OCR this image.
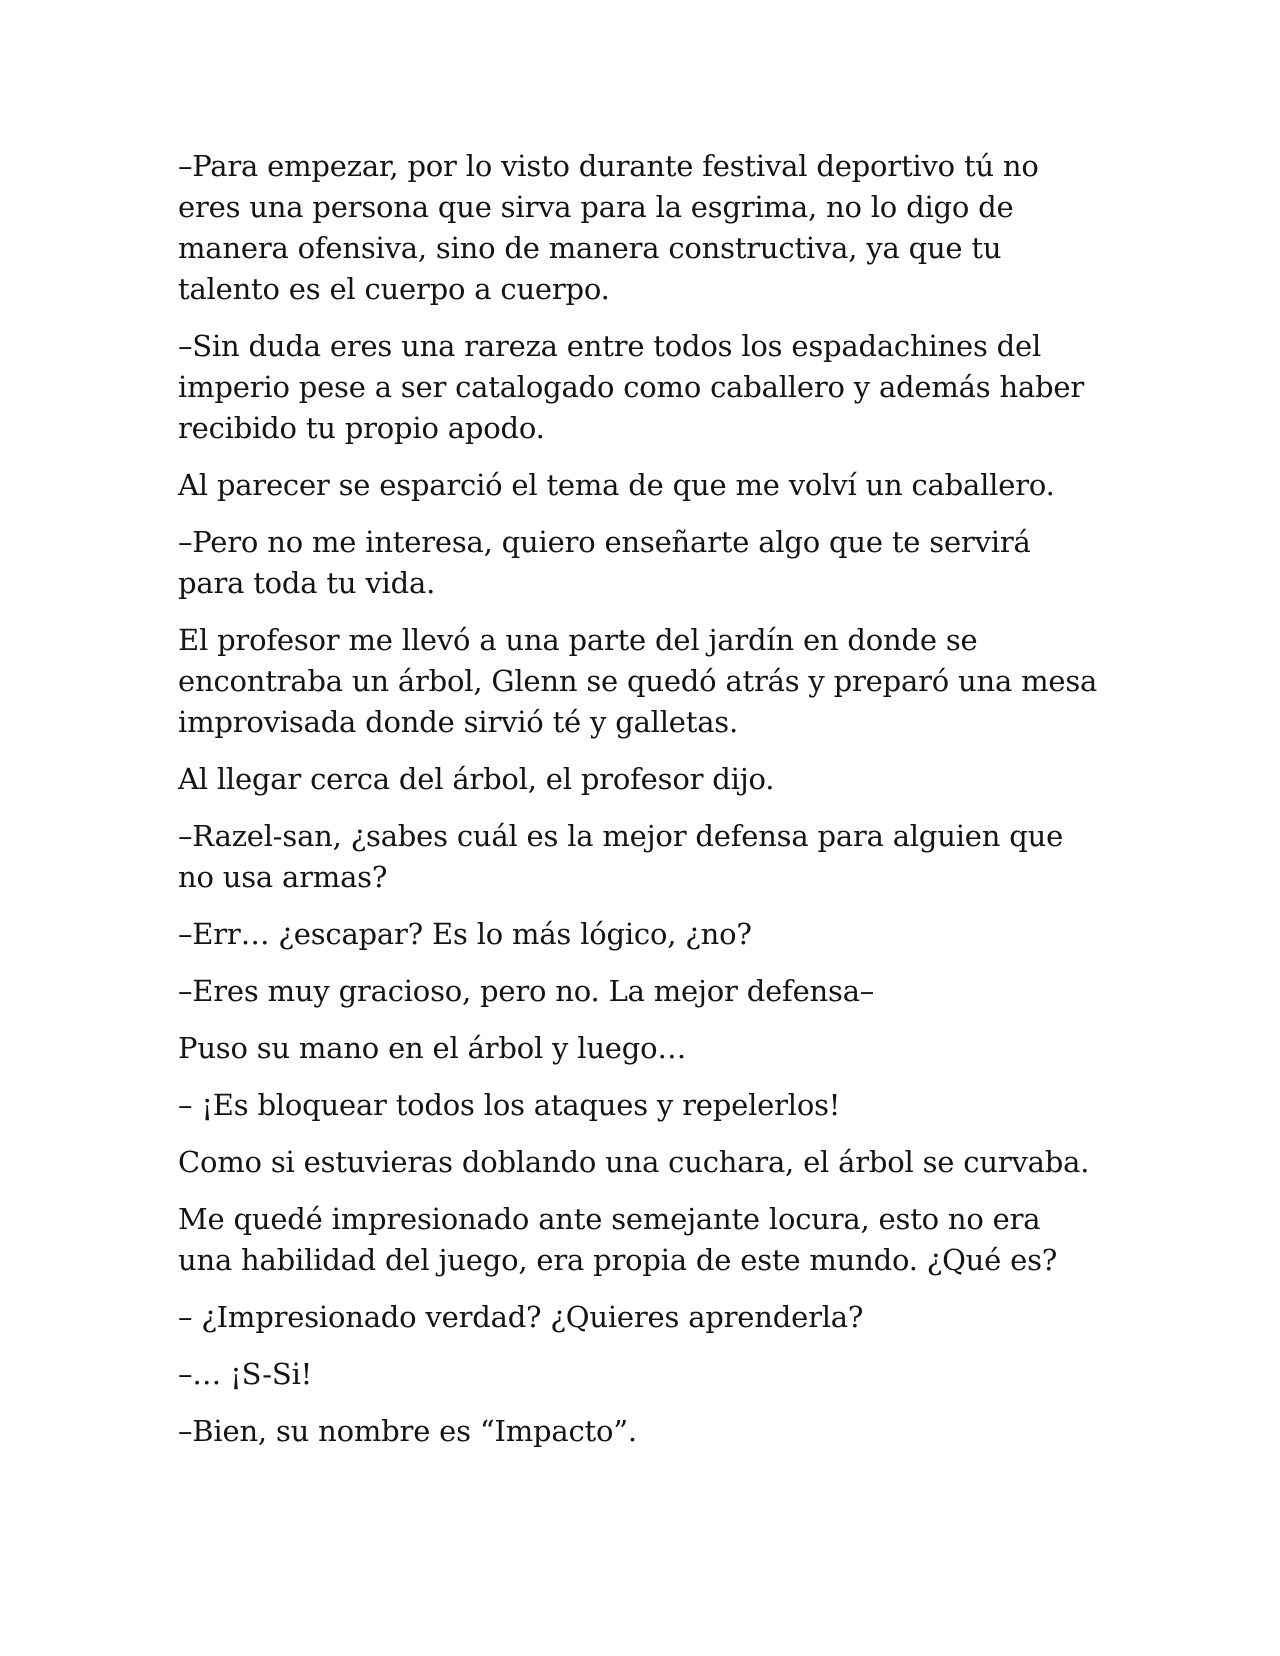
–Para empezar, por lo visto durante festival deportivo tú no
eres una persona que sirva para la esgrima, no lo digo de
manera ofensiva, sino de manera constructiva, ya que tu
talento es el cuerpo a cuerpo.

–Sin duda eres una rareza entre todos los espadachines del
imperio pese a ser catalogado como caballero y además haber
recibido tu propio apodo.

Al parecer se esparció el tema de que me volví un caballero.

–Pero no me interesa, quiero enseñarte algo que te servirá
para toda tu vida.

El profesor me llevó a una parte del jardín en donde se
encontraba un árbol, Glenn se quedó atrás y preparó una mesa
improvisada donde sirvió té y galletas.

Al llegar cerca del árbol, el profesor dijo.

–Razel-san, ¿sabes cuál es la mejor defensa para alguien que
no usa armas?

–Err… ¿escapar? Es lo más lógico, ¿no?

–Eres muy gracioso, pero no. La mejor defensa–

Puso su mano en el árbol y luego…

– ¡Es bloquear todos los ataques y repelerlos!

Como si estuvieras doblando una cuchara, el árbol se curvaba.

Me quedé impresionado ante semejante locura, esto no era
una habilidad del juego, era propia de este mundo. ¿Qué es?

– ¿Impresionado verdad? ¿Quieres aprenderla?

–… ¡S-Si!

–Bien, su nombre es “Impacto”.
